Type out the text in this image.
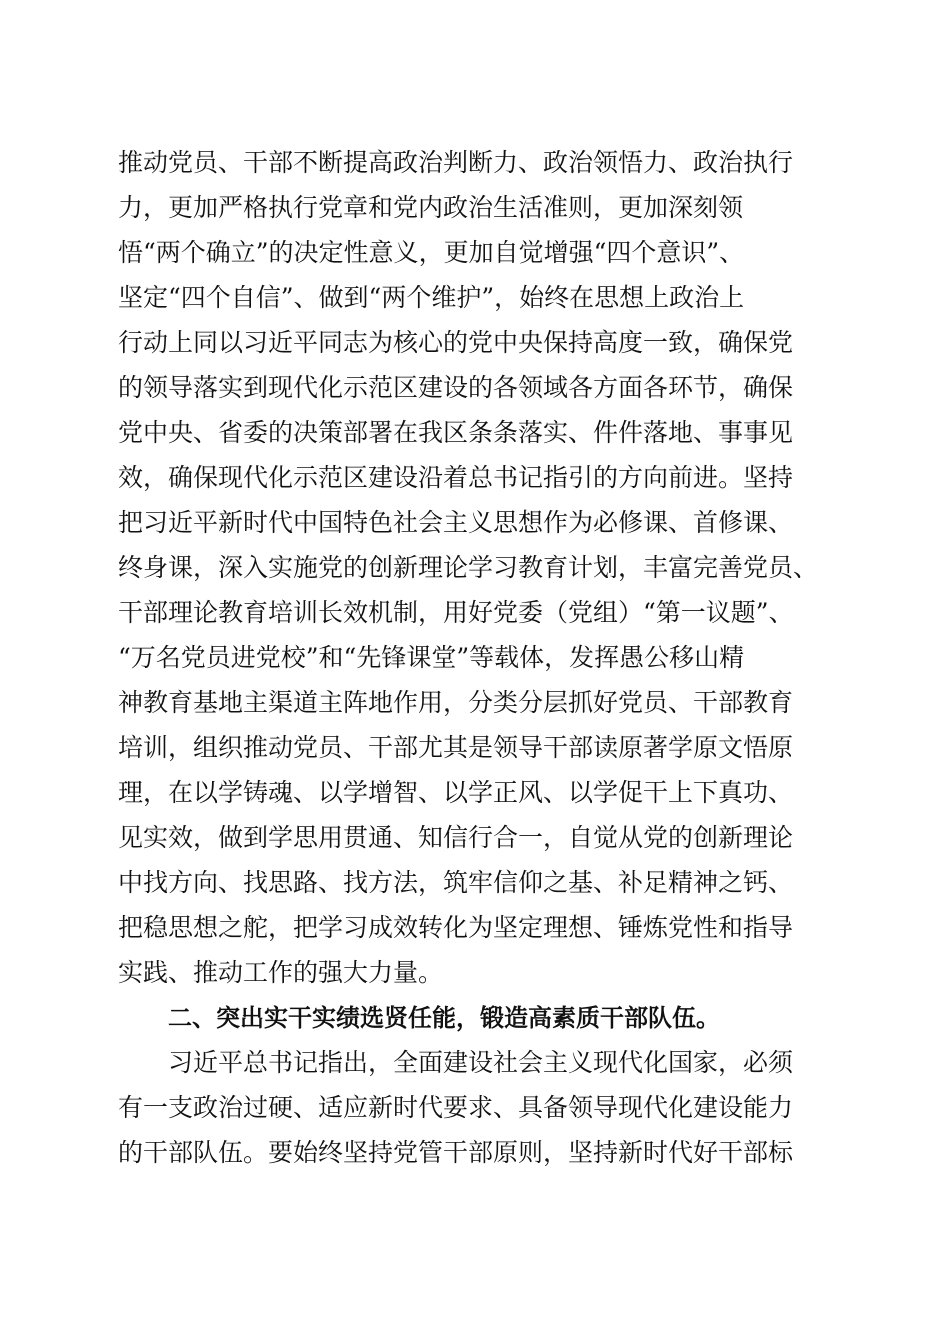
推动党员、干部不断提高政治判断力、政治领悟力、政治执行
力，更加严格执行党章和党内政治生活准则，更加深刻领
悟“两个确立”的决定性意义，更加自觉增强“四个意识”、
坚定“四个自信”、做到“两个维护”，始终在思想上政治上
行动上同以习近平同志为核心的党中央保持高度一致，确保党
的领导落实到现代化示范区建设的各领域各方面各环节，确保
党中央、省委的决策部署在我区条条落实、件件落地、事事见
效，确保现代化示范区建设沿着总书记指引的方向前进。坚持
把习近平新时代中国特色社会主义思想作为必修课、首修课、
终身课，深入实施党的创新理论学习教育计划，丰富完善党员、
干部理论教育培训长效机制，用好党委（党组）“第一议题”、
“万名党员进党校”和“先锋课堂”等载体，发挥愚公移山精
神教育基地主渠道主阵地作用，分类分层抓好党员、干部教育
培训，组织推动党员、干部尤其是领导干部读原著学原文悟原
理，在以学铸魂、以学增智、以学正风、以学促干上下真功、
见实效，做到学思用贯通、知信行合一，自觉从党的创新理论
中找方向、找思路、找方法，筑牢信仰之基、补足精神之钙、
把稳思想之舵，把学习成效转化为坚定理想、锤炼党性和指导
实践、推动工作的强大力量。
二、突出实干实绩选贤任能，锻造高素质干部队伍。
习近平总书记指出，全面建设社会主义现代化国家，必须
有一支政治过硬、适应新时代要求、具备领导现代化建设能力
的干部队伍。要始终坚持党管干部原则，坚持新时代好干部标
